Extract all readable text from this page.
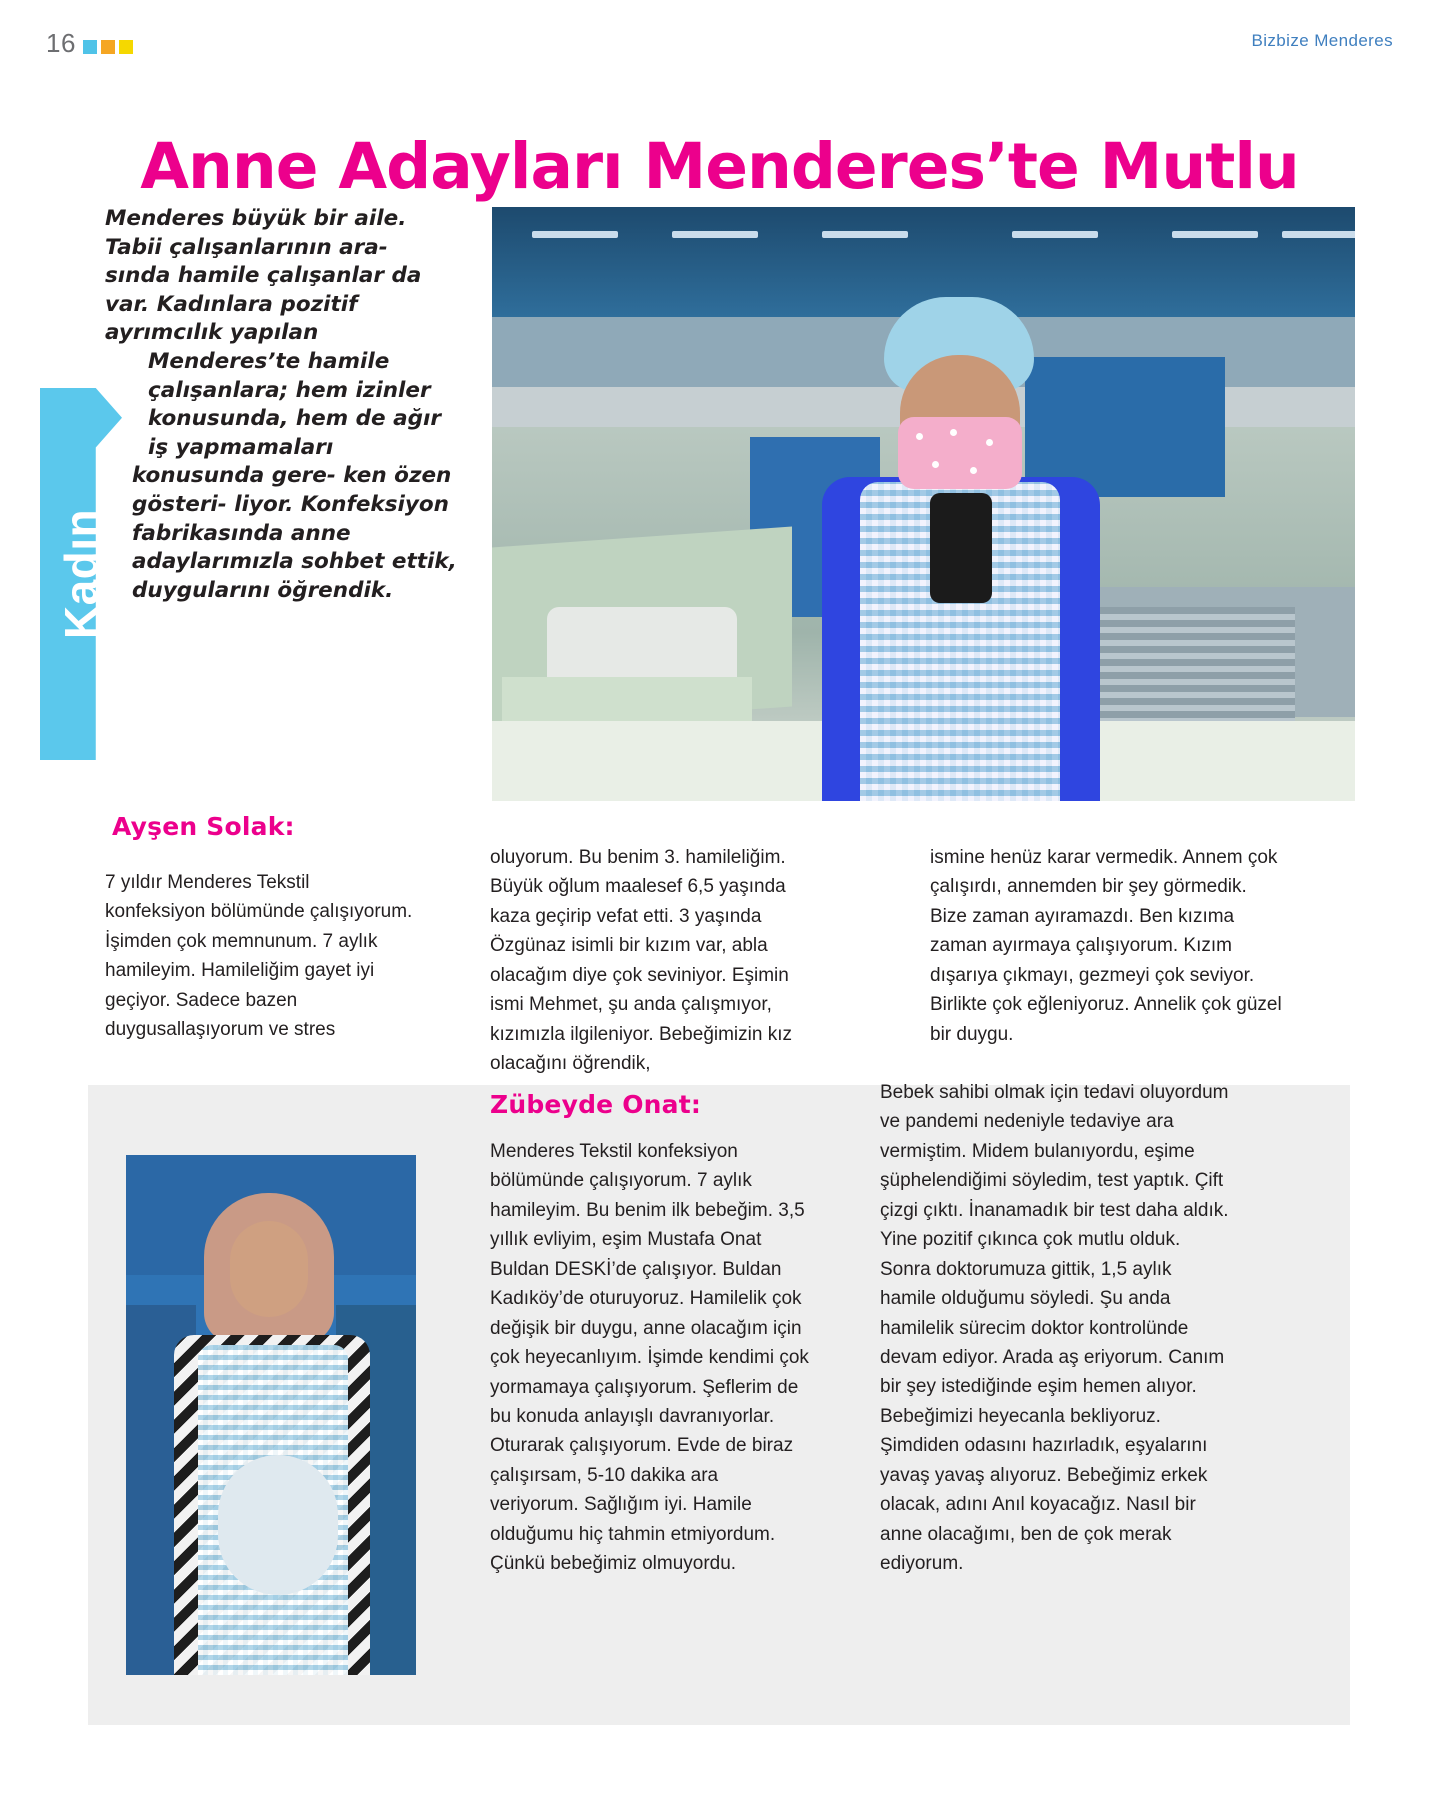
16	Bizbize Menderes
Anne Adayları Menderes’te Mutlu
Kadın

Menderes büyük bir aile. Tabii çalışanlarının ara- sında hamile çalışanlar da var. Kadınlara pozitif ayrımcılık yapılan

Menderes’te hamile çalışanlara; hem izinler konusunda, hem de ağır iş yapmamaları

konusunda gere- ken özen gösteri- liyor. Konfeksiyon fabrikasında anne adaylarımızla sohbet ettik, duygularını öğrendik.

Ayşen Solak:
7 yıldır Menderes Tekstil konfeksiyon bölümünde çalışıyorum. İşimden çok memnunum. 7 aylık hamileyim. Hamileliğim gayet iyi geçiyor. Sadece bazen duygusallaşıyorum ve stres
oluyorum. Bu benim 3. hamileliğim. Büyük oğlum maalesef 6,5 yaşında kaza geçirip vefat etti. 3 yaşında Özgünaz isimli bir kızım var, abla olacağım diye çok seviniyor. Eşimin ismi Mehmet, şu anda çalışmıyor, kızımızla ilgileniyor. Bebeğimizin kız olacağını öğrendik,
ismine henüz karar vermedik. Annem çok çalışırdı, annemden bir şey görmedik. Bize zaman ayıramazdı. Ben kızıma zaman ayırmaya çalışıyorum. Kızım dışarıya çıkmayı, gezmeyi çok seviyor. Birlikte çok eğleniyoruz. Annelik çok güzel bir duygu.
Zübeyde Onat:
Menderes Tekstil konfeksiyon bölümünde çalışıyorum. 7 aylık hamileyim. Bu benim ilk bebeğim. 3,5 yıllık evliyim, eşim Mustafa Onat Buldan DESKİ’de çalışıyor. Buldan Kadıköy’de oturuyoruz. Hamilelik çok değişik bir duygu, anne olacağım için çok heyecanlıyım. İşimde kendimi çok yormamaya çalışıyorum. Şeflerim de bu konuda anlayışlı davranıyorlar. Oturarak çalışıyorum. Evde de biraz çalışırsam, 5-10 dakika ara veriyorum. Sağlığım iyi. Hamile olduğumu hiç tahmin etmiyordum. Çünkü bebeğimiz olmuyordu.
Bebek sahibi olmak için tedavi oluyordum ve pandemi nedeniyle tedaviye ara vermiştim. Midem bulanıyordu, eşime şüphelendiğimi söyledim, test yaptık. Çift çizgi çıktı. İnanamadık bir test daha aldık. Yine pozitif çıkınca çok mutlu olduk. Sonra doktorumuza gittik, 1,5 aylık hamile olduğumu söyledi. Şu anda hamilelik sürecim doktor kontrolünde devam ediyor. Arada aş eriyorum. Canım bir şey istediğinde eşim hemen alıyor. Bebeğimizi heyecanla bekliyoruz. Şimdiden odasını hazırladık, eşyalarını yavaş yavaş alıyoruz. Bebeğimiz erkek olacak, adını Anıl koyacağız. Nasıl bir anne olacağımı, ben de çok merak ediyorum.
